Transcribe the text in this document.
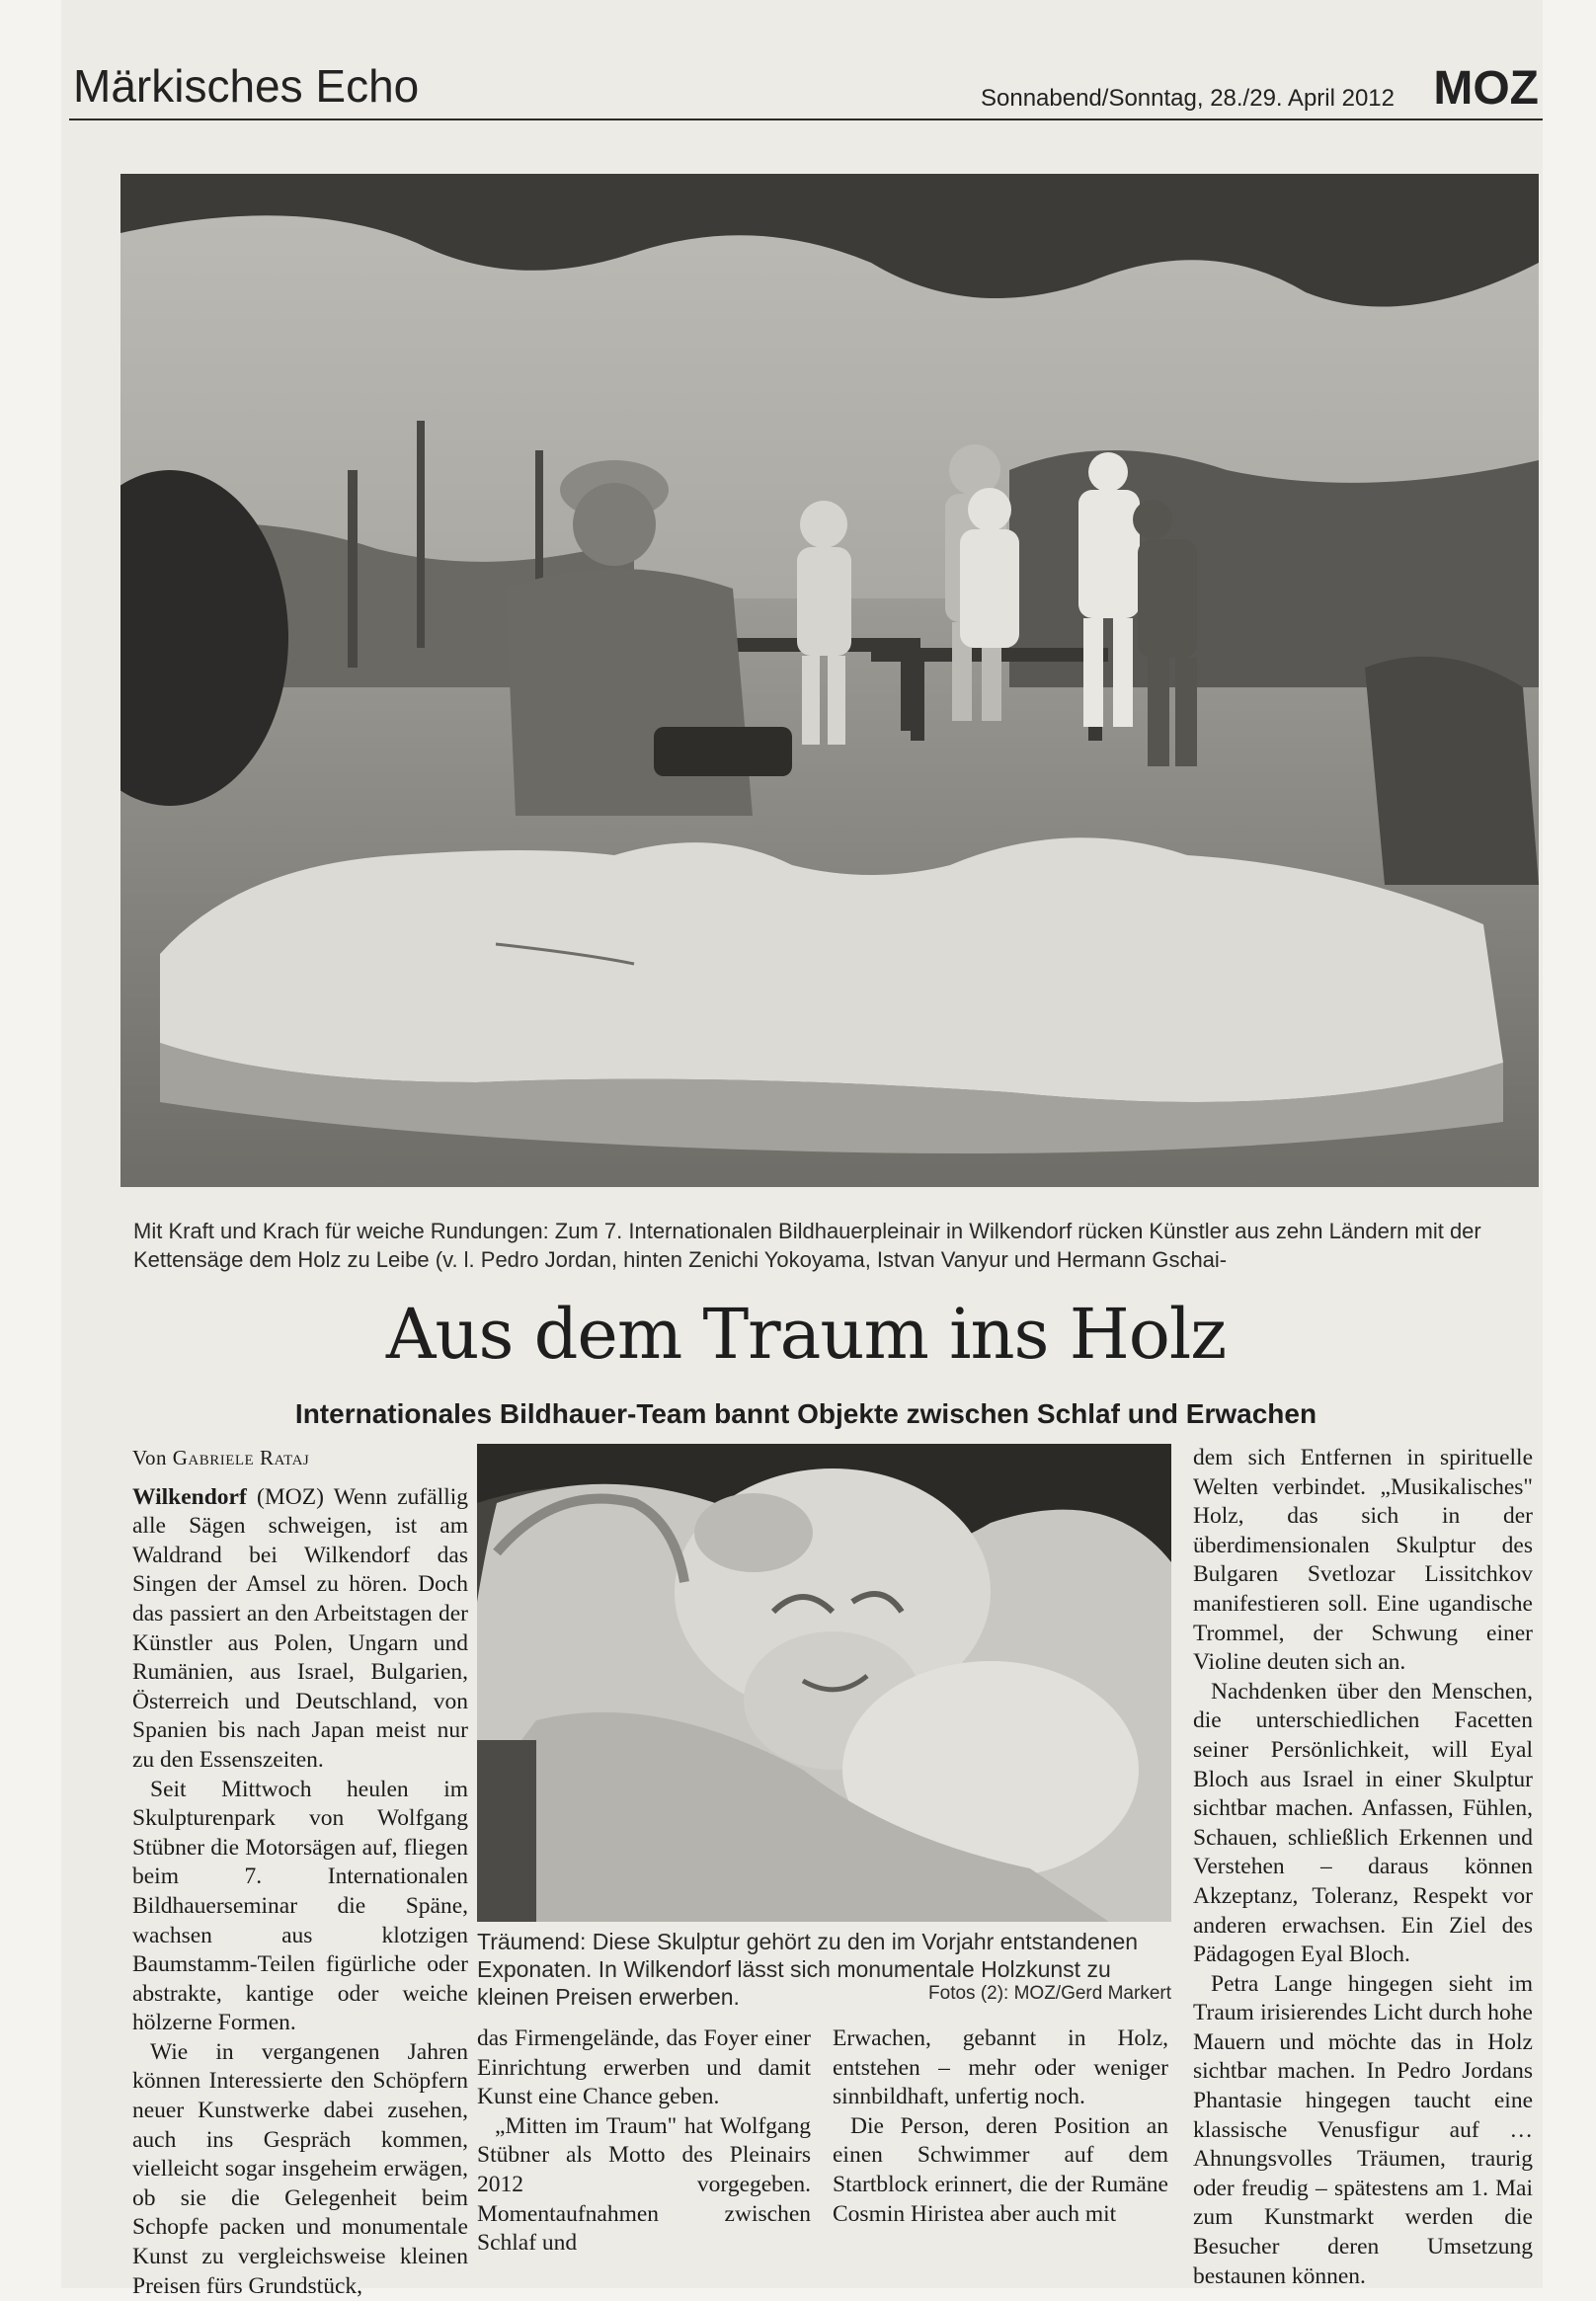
Märkisches Echo	Sonnabend/Sonntag, 28./29. April 2012 MOZ
Mit Kraft und Krach für weiche Rundungen: Zum 7. Internationalen Bildhauerpleinair in Wilkendorf rücken Künstler aus zehn Ländern mit der Kettensäge dem Holz zu Leibe (v. l. Pedro Jordan, hinten Zenichi Yokoyama, Istvan Vanyur und Hermann Gschai-
Aus dem Traum ins Holz
Internationales Bildhauer-Team bannt Objekte zwischen Schlaf und Erwachen
Von Gabriele Rataj

Wilkendorf (MOZ) Wenn zufällig alle Sägen schweigen, ist am Waldrand bei Wilkendorf das Singen der Amsel zu hören. Doch das passiert an den Arbeitstagen der Künstler aus Polen, Ungarn und Rumänien, aus Israel, Bulgarien, Österreich und Deutschland, von Spanien bis nach Japan meist nur zu den Essenszeiten.

Seit Mittwoch heulen im Skulpturenpark von Wolfgang Stübner die Motorsägen auf, fliegen beim 7. Internationalen Bildhauerseminar die Späne, wachsen aus klotzigen Baumstamm-Teilen figürliche oder abstrakte, kantige oder weiche hölzerne Formen.

Wie in vergangenen Jahren können Interessierte den Schöpfern neuer Kunstwerke dabei zusehen, auch ins Gespräch kommen, vielleicht sogar insgeheim erwägen, ob sie die Gelegenheit beim Schopfe packen und monumentale Kunst zu vergleichsweise kleinen Preisen fürs Grundstück,

Träumend: Diese Skulptur gehört zu den im Vorjahr entstandenen Exponaten. In Wilkendorf lässt sich monumentale Holzkunst zu kleinen Preisen erwerben.	Fotos (2): MOZ/Gerd Markert

das Firmengelände, das Foyer einer Einrichtung erwerben und damit Kunst eine Chance geben.

„Mitten im Traum" hat Wolfgang Stübner als Motto des Pleinairs 2012 vorgegeben. Momentaufnahmen zwischen Schlaf und

Erwachen, gebannt in Holz, entstehen – mehr oder weniger sinnbildhaft, unfertig noch.

Die Person, deren Position an einen Schwimmer auf dem Startblock erinnert, die der Rumäne Cosmin Hiristea aber auch mit

dem sich Entfernen in spirituelle Welten verbindet. „Musikalisches" Holz, das sich in der überdimensionalen Skulptur des Bulgaren Svetlozar Lissitchkov manifestieren soll. Eine ugandische Trommel, der Schwung einer Violine deuten sich an.

Nachdenken über den Menschen, die unterschiedlichen Facetten seiner Persönlichkeit, will Eyal Bloch aus Israel in einer Skulptur sichtbar machen. Anfassen, Fühlen, Schauen, schließlich Erkennen und Verstehen – daraus können Akzeptanz, Toleranz, Respekt vor anderen erwachsen. Ein Ziel des Pädagogen Eyal Bloch.

Petra Lange hingegen sieht im Traum irisierendes Licht durch hohe Mauern und möchte das in Holz sichtbar machen. In Pedro Jordans Phantasie hingegen taucht eine klassische Venusfigur auf … Ahnungsvolles Träumen, traurig oder freudig – spätestens am 1. Mai zum Kunstmarkt werden die Besucher deren Umsetzung bestaunen können.
